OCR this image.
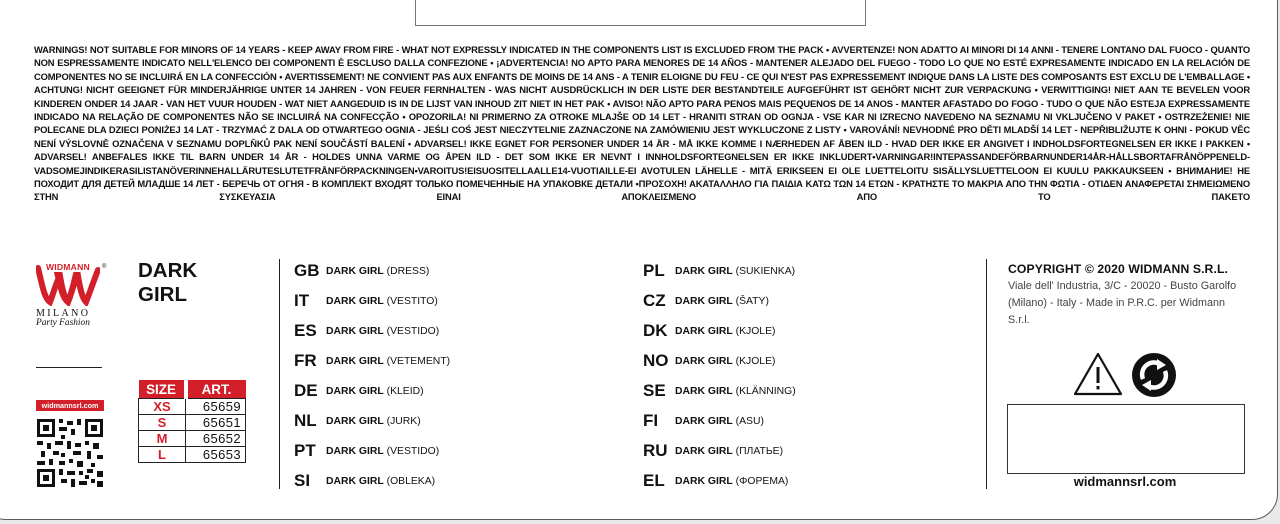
WARNINGS! NOT SUITABLE FOR MINORS OF 14 YEARS - KEEP AWAY FROM FIRE - WHAT NOT EXPRESSLY INDICATED IN THE COMPONENTS LIST IS EXCLUDED FROM THE PACK • AVVERTENZE! NON ADATTO AI MINORI DI 14 ANNI - TENERE LONTANO DAL FUOCO - QUANTO NON ESPRESSAMENTE INDICATO NELL'ELENCO DEI COMPONENTI È ESCLUSO DALLA CONFEZIONE • ¡ADVERTENCIA! NO APTO PARA MENORES DE 14 AÑOS - MANTENER ALEJADO DEL FUEGO - TODO LO QUE NO ESTÉ EXPRESAMENTE INDICADO EN LA RELACIÓN DE COMPONENTES NO SE INCLUIRÁ EN LA CONFECCIÓN • AVERTISSEMENT! NE CONVIENT PAS AUX ENFANTS DE MOINS DE 14 ANS - A TENIR ELOIGNE DU FEU - CE QUI N'EST PAS EXPRESSEMENT INDIQUE DANS LA LISTE DES COMPOSANTS EST EXCLU DE L'EMBALLAGE • ACHTUNG! NICHT GEEIGNET FÜR MINDERJÄHRIGE UNTER 14 JAHREN - VON FEUER FERNHALTEN - WAS NICHT AUSDRÜCKLICH IN DER LISTE DER BESTANDTEILE AUFGEFÜHRT IST GEHÖRT NICHT ZUR VERPACKUNG • VERWITTIGING! NIET AAN TE BEVELEN VOOR KINDEREN ONDER 14 JAAR - VAN HET VUUR HOUDEN - WAT NIET AANGEDUID IS IN DE LIJST VAN INHOUD ZIT NIET IN HET PAK • AVISO! NÃO APTO PARA PENOS MAIS PEQUENOS DE 14 ANOS - MANTER AFASTADO DO FOGO - TUDO O QUE NÃO ESTEJA EXPRESSAMENTE INDICADO NA RELAÇÃO DE COMPONENTES NÃO SE INCLUIRÁ NA CONFECÇÃO • OPOZORILA! NI PRIMERNO ZA OTROKE MLAJŠE OD 14 LET - HRANITI STRAN OD OGNJA - VSE KAR NI IZRECNO NAVEDENO NA SEZNAMU NI VKLJUČENO V PAKET • OSTRZEŻENIE! NIE POLECANE DLA DZIECI PONIŻEJ 14 LAT - TRZYMAĆ Z DALA OD OTWARTEGO OGNIA - JEŚLI COŚ JEST NIECZYTELNIE ZAZNACZONE NA ZAMÓWIENIU JEST WYKLUCZONE Z LISTY • VAROVÁNÍ! NEVHODNÉ PRO DĚTI MLADŠÍ 14 LET - NEPŘIBLIŽUJTE K OHNI - POKUD VĚC NENÍ VÝSLOVNĚ OZNAČENA V SEZNAMU DOPLŇKŮ PAK NENÍ SOUČÁSTÍ BALENÍ • ADVARSEL! IKKE EGNET FOR PERSONER UNDER 14 ÅR - MÅ IKKE KOMME I NÆRHEDEN AF ÅBEN ILD - HVAD DER IKKE ER ANGIVET I INDHOLDSFORTEGNELSEN ER IKKE I PAKKEN • ADVARSEL! ANBEFALES IKKE TIL BARN UNDER 14 ÅR - HOLDES UNNA VARME OG ÅPEN ILD - DET SOM IKKE ER NEVNT I INNHOLDSFORTEGNELSEN ER IKKE INKLUDERT•VARNINGAR!INTEPASSANDEFÖRBARNUNDER14ÅR-HÅLLSBORTAFRÅNÖPPENELD-VADSOMEJINDIKERASILISTANÖVERINNEHALLÄRUTESLUTETFRÅNFÖRPACKNINGEN•VAROITUS!EISUOSITELLAALLE14-VUOTIAILLE-EI AVOTULEN LÄHELLE - MITÄ ERIKSEEN EI OLE LUETTELOITU SISÄLLYSLUETTELOON EI KUULU PAKKAUKSEEN • ВНИМАНИЕ! НЕ ПОХОДИТ ДЛЯ ДЕТЕЙ МЛАДШЕ 14 ЛЕТ - БЕРЕЧЬ ОТ ОГНЯ - В КОМПЛЕКТ ВХОДЯТ ТОЛЬКО ПОМЕЧЕННЫЕ НА УПАКОВКЕ ДЕТАЛИ •ΠΡΟΣΟΧΗ! ΑΚΑΤΑΛΛΗΛΟ ΓΙΑ ΠΑΙΔΙΑ ΚΑΤΩ ΤΩΝ 14 ΕΤΩΝ - ΚΡΑΤΗΣΤΕ ΤΟ ΜΑΚΡΙΑ ΑΠΟ ΤΗΝ ΦΩΤΙΑ - ΟΤΙΔΕΝ ΑΝΑΦΕΡΕΤΑΙ ΣΗΜΕΙΩΜΕΝΟ ΣΤΗΝ ΣΥΣΚΕΥΑΣΙΑ ΕΙΝΑΙ ΑΠΟΚΛΕΙΣΜΕΝΟ ΑΠΟ ΤΟ ΠΑΚΕΤΟ
WIDMANN	®
MILANO
Party Fashion
DARK
GIRL
widmannsrl.com
SIZE	ART.
XS	65659
S	65651
M	65652
L	65653
GB DARK GIRL (DRESS)
IT	DARK GIRL (VESTITO)
ES DARK GIRL (VESTIDO)
FR DARK GIRL (VETEMENT)
DE DARK GIRL (KLEID)
NL DARK GIRL (JURK)
PT DARK GIRL (VESTIDO)
SI	DARK GIRL (OBLEKA)
PL DARK GIRL (SUKIENKA)
CZ DARK GIRL (ŠATY)
DK DARK GIRL (KJOLE)
NO DARK GIRL (KJOLE)
SE DARK GIRL (KLÄNNING)
FI	DARK GIRL (ASU)
RU DARK GIRL (ПЛАТЬЕ)
EL DARK GIRL (ΦΟΡΕΜΑ)
COPYRIGHT © 2020 WIDMANN S.R.L.
Viale dell' Industria, 3/C - 20020 - Busto Garolfo
(Milano) - Italy - Made in P.R.C. per Widmann S.r.l.
widmannsrl.com
